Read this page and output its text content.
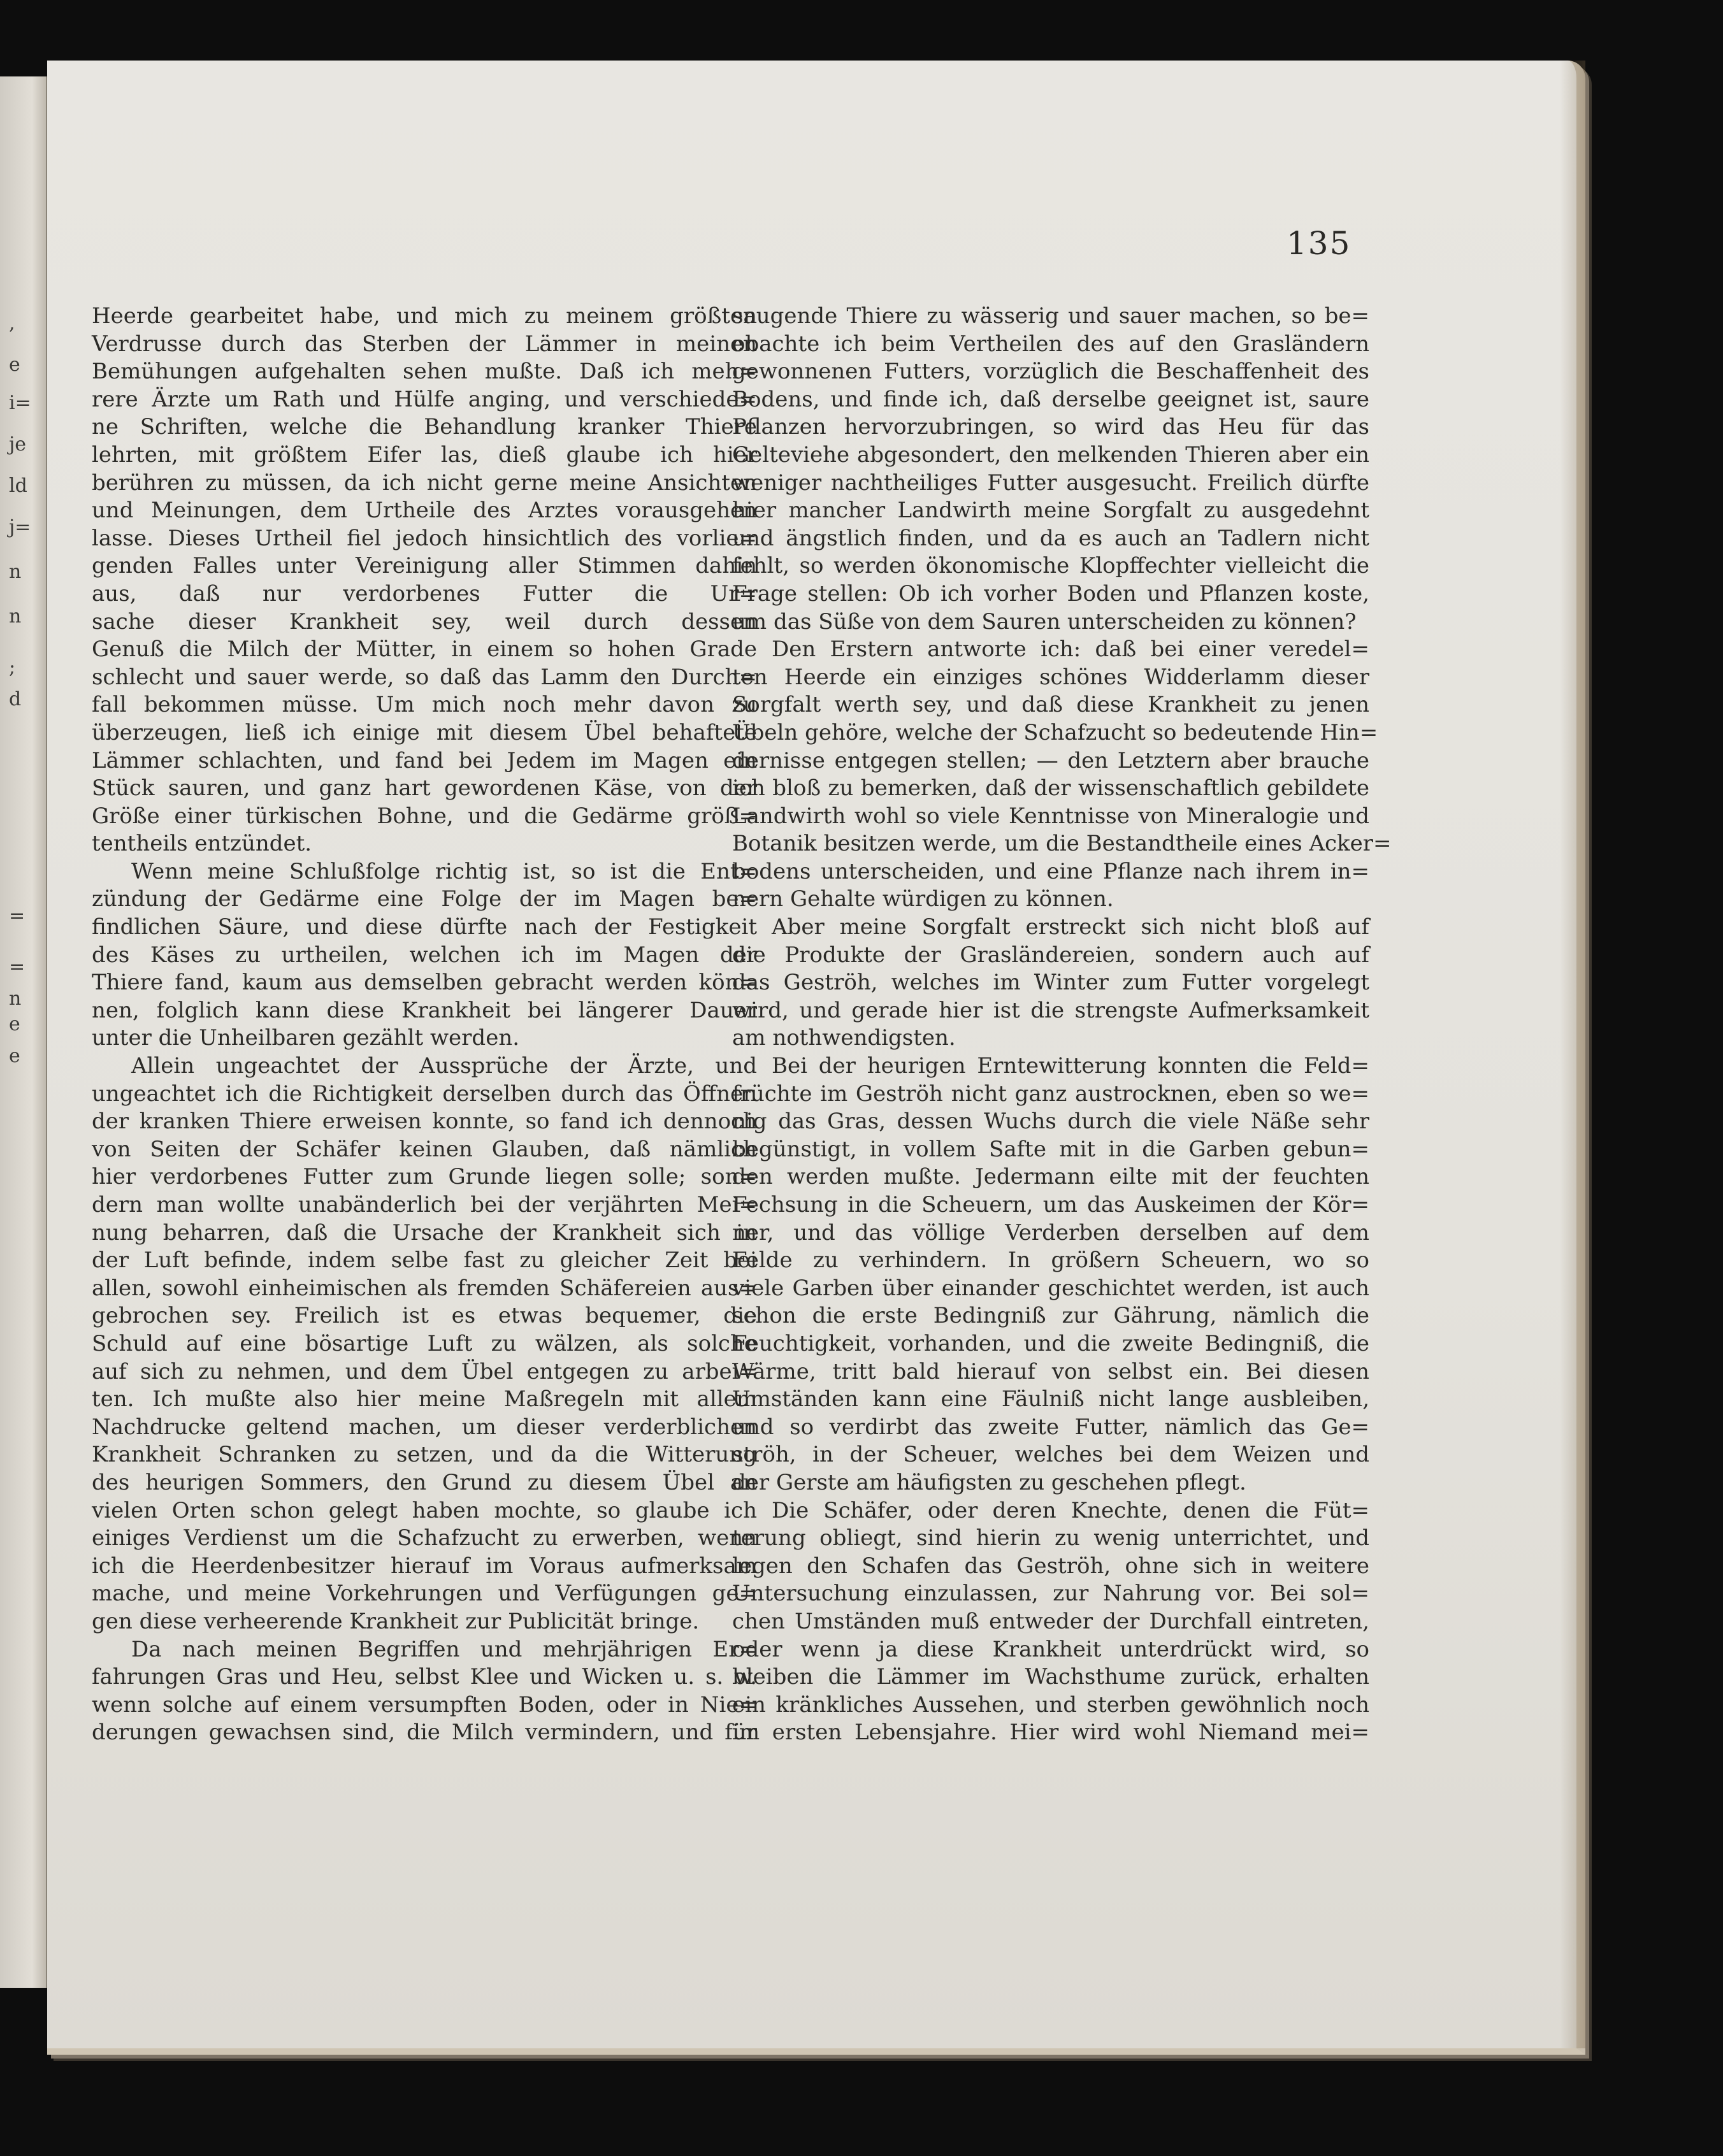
,
e
i=
je
ld
j=
n
n
;
d
=
=
n
e
e
135
Heerde gearbeitet habe, und mich zu meinem größten
Verdrusse durch das Sterben der Lämmer in meinen
Bemühungen aufgehalten sehen mußte. Daß ich meh=
rere Ärzte um Rath und Hülfe anging, und verschiede=
ne Schriften, welche die Behandlung kranker Thiere
lehrten, mit größtem Eifer las, dieß glaube ich hier
berühren zu müssen, da ich nicht gerne meine Ansichten
und Meinungen, dem Urtheile des Arztes vorausgehen
lasse. Dieses Urtheil fiel jedoch hinsichtlich des vorlie=
genden Falles unter Vereinigung aller Stimmen dahin
aus, daß nur verdorbenes Futter die Ur=
sache dieser Krankheit sey, weil durch dessen
Genuß die Milch der Mütter, in einem so hohen Grade
schlecht und sauer werde, so daß das Lamm den Durch=
fall bekommen müsse. Um mich noch mehr davon zu
überzeugen, ließ ich einige mit diesem Übel behaftete
Lämmer schlachten, und fand bei Jedem im Magen ein
Stück sauren, und ganz hart gewordenen Käse, von der
Größe einer türkischen Bohne, und die Gedärme größ=
tentheils entzündet.
Wenn meine Schlußfolge richtig ist, so ist die Ent=
zündung der Gedärme eine Folge der im Magen be=
findlichen Säure, und diese dürfte nach der Festigkeit
des Käses zu urtheilen, welchen ich im Magen der
Thiere fand, kaum aus demselben gebracht werden kön=
nen, folglich kann diese Krankheit bei längerer Dauer
unter die Unheilbaren gezählt werden.
Allein ungeachtet der Aussprüche der Ärzte, und
ungeachtet ich die Richtigkeit derselben durch das Öffnen
der kranken Thiere erweisen konnte, so fand ich dennoch
von Seiten der Schäfer keinen Glauben, daß nämlich
hier verdorbenes Futter zum Grunde liegen solle; son=
dern man wollte unabänderlich bei der verjährten Mei=
nung beharren, daß die Ursache der Krankheit sich in
der Luft befinde, indem selbe fast zu gleicher Zeit bei
allen, sowohl einheimischen als fremden Schäfereien aus=
gebrochen sey. Freilich ist es etwas bequemer, die
Schuld auf eine bösartige Luft zu wälzen, als solche
auf sich zu nehmen, und dem Übel entgegen zu arbei=
ten. Ich mußte also hier meine Maßregeln mit allem
Nachdrucke geltend machen, um dieser verderblichen
Krankheit Schranken zu setzen, und da die Witterung
des heurigen Sommers, den Grund zu diesem Übel an
vielen Orten schon gelegt haben mochte, so glaube ich
einiges Verdienst um die Schafzucht zu erwerben, wenn
ich die Heerdenbesitzer hierauf im Voraus aufmerksam
mache, und meine Vorkehrungen und Verfügungen ge=
gen diese verheerende Krankheit zur Publicität bringe.
Da nach meinen Begriffen und mehrjährigen Er=
fahrungen Gras und Heu, selbst Klee und Wicken u. s. w.
wenn solche auf einem versumpften Boden, oder in Nie=
derungen gewachsen sind, die Milch vermindern, und für
saugende Thiere zu wässerig und sauer machen, so be=
obachte ich beim Vertheilen des auf den Grasländern
gewonnenen Futters, vorzüglich die Beschaffenheit des
Bodens, und finde ich, daß derselbe geeignet ist, saure
Pflanzen hervorzubringen, so wird das Heu für das
Gelteviehe abgesondert, den melkenden Thieren aber ein
weniger nachtheiliges Futter ausgesucht. Freilich dürfte
hier mancher Landwirth meine Sorgfalt zu ausgedehnt
und ängstlich finden, und da es auch an Tadlern nicht
fehlt, so werden ökonomische Klopffechter vielleicht die
Frage stellen: Ob ich vorher Boden und Pflanzen koste,
um das Süße von dem Sauren unterscheiden zu können?
Den Erstern antworte ich: daß bei einer veredel=
ten Heerde ein einziges schönes Widderlamm dieser
Sorgfalt werth sey, und daß diese Krankheit zu jenen
Übeln gehöre, welche der Schafzucht so bedeutende Hin=
dernisse entgegen stellen; — den Letztern aber brauche
ich bloß zu bemerken, daß der wissenschaftlich gebildete
Landwirth wohl so viele Kenntnisse von Mineralogie und
Botanik besitzen werde, um die Bestandtheile eines Acker=
bodens unterscheiden, und eine Pflanze nach ihrem in=
nern Gehalte würdigen zu können.
Aber meine Sorgfalt erstreckt sich nicht bloß auf
die Produkte der Grasländereien, sondern auch auf
das Geströh, welches im Winter zum Futter vorgelegt
wird, und gerade hier ist die strengste Aufmerksamkeit
am nothwendigsten.
Bei der heurigen Erntewitterung konnten die Feld=
früchte im Geströh nicht ganz austrocknen, eben so we=
nig das Gras, dessen Wuchs durch die viele Näße sehr
begünstigt, in vollem Safte mit in die Garben gebun=
den werden mußte. Jedermann eilte mit der feuchten
Fechsung in die Scheuern, um das Auskeimen der Kör=
ner, und das völlige Verderben derselben auf dem
Felde zu verhindern. In größern Scheuern, wo so
viele Garben über einander geschichtet werden, ist auch
schon die erste Bedingniß zur Gährung, nämlich die
Feuchtigkeit, vorhanden, und die zweite Bedingniß, die
Wärme, tritt bald hierauf von selbst ein. Bei diesen
Umständen kann eine Fäulniß nicht lange ausbleiben,
und so verdirbt das zweite Futter, nämlich das Ge=
ströh, in der Scheuer, welches bei dem Weizen und
der Gerste am häufigsten zu geschehen pflegt.
Die Schäfer, oder deren Knechte, denen die Füt=
terung obliegt, sind hierin zu wenig unterrichtet, und
legen den Schafen das Geströh, ohne sich in weitere
Untersuchung einzulassen, zur Nahrung vor. Bei sol=
chen Umständen muß entweder der Durchfall eintreten,
oder wenn ja diese Krankheit unterdrückt wird, so
bleiben die Lämmer im Wachsthume zurück, erhalten
ein kränkliches Aussehen, und sterben gewöhnlich noch
im ersten Lebensjahre. Hier wird wohl Niemand mei=
